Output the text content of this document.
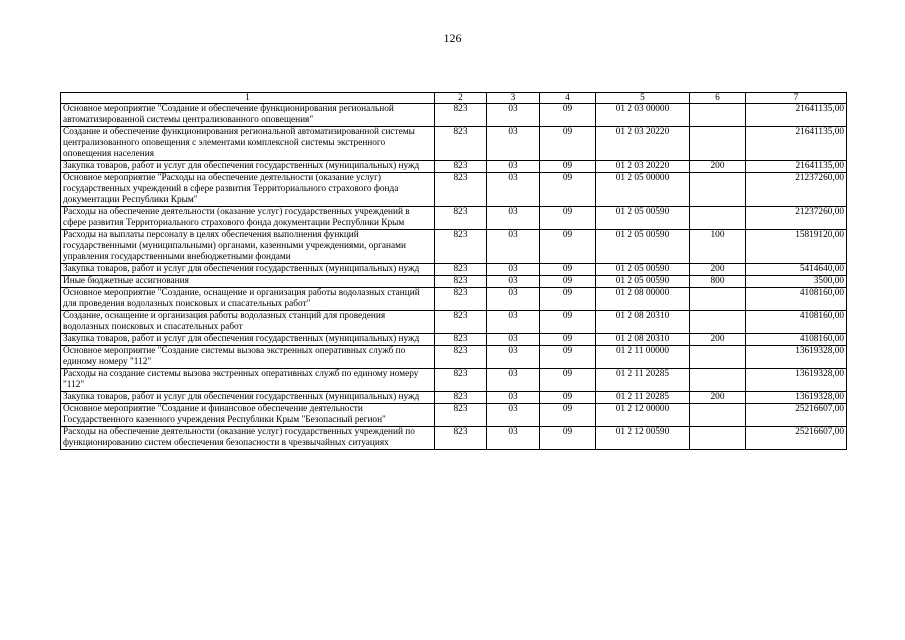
126
1	2	3	4	5	6	7
Основное мероприятие "Создание и обеспечение функционирования региональной автоматизированной системы централизованного оповещения"	823	03	09	01 2 03 00000		21641135,00
Создание и обеспечение функционирования региональной автоматизированной системы централизованного оповещения с элементами комплексной системы экстренного оповещения населения	823	03	09	01 2 03 20220		21641135,00
Закупка товаров, работ и услуг для обеспечения государственных (муниципальных) нужд	823	03	09	01 2 03 20220	200	21641135,00
Основное мероприятие "Расходы на обеспечение деятельности (оказание услуг) государственных учреждений в сфере развития Территориального страхового фонда документации Республики Крым"	823	03	09	01 2 05 00000		21237260,00
Расходы на обеспечение деятельности (оказание услуг) государственных учреждений в сфере развития Территориального страхового фонда документации Республики Крым	823	03	09	01 2 05 00590		21237260,00
Расходы на выплаты персоналу в целях обеспечения выполнения функций государственными (муниципальными) органами, казенными учреждениями, органами управления государственными внебюджетными фондами	823	03	09	01 2 05 00590	100	15819120,00
Закупка товаров, работ и услуг для обеспечения государственных (муниципальных) нужд	823	03	09	01 2 05 00590	200	5414640,00
Иные бюджетные ассигнования	823	03	09	01 2 05 00590	800	3500,00
Основное мероприятие "Создание, оснащение и организация работы водолазных станций для проведения водолазных поисковых и спасательных работ"	823	03	09	01 2 08 00000		4108160,00
Создание, оснащение и организация работы водолазных станций для проведения водолазных поисковых и спасательных работ	823	03	09	01 2 08 20310		4108160,00
Закупка товаров, работ и услуг для обеспечения государственных (муниципальных) нужд	823	03	09	01 2 08 20310	200	4108160,00
Основное мероприятие "Создание системы вызова экстренных оперативных служб по единому номеру "112"	823	03	09	01 2 11 00000		13619328,00
Расходы на создание системы вызова экстренных оперативных служб по единому номеру "112"	823	03	09	01 2 11 20285		13619328,00
Закупка товаров, работ и услуг для обеспечения государственных (муниципальных) нужд	823	03	09	01 2 11 20285	200	13619328,00
Основное мероприятие "Создание и финансовое обеспечение деятельности Государственного казенного учреждения Республики Крым "Безопасный регион"	823	03	09	01 2 12 00000		25216607,00
Расходы на обеспечение деятельности (оказание услуг) государственных учреждений по функционированию систем обеспечения безопасности в чрезвычайных ситуациях	823	03	09	01 2 12 00590		25216607,00
